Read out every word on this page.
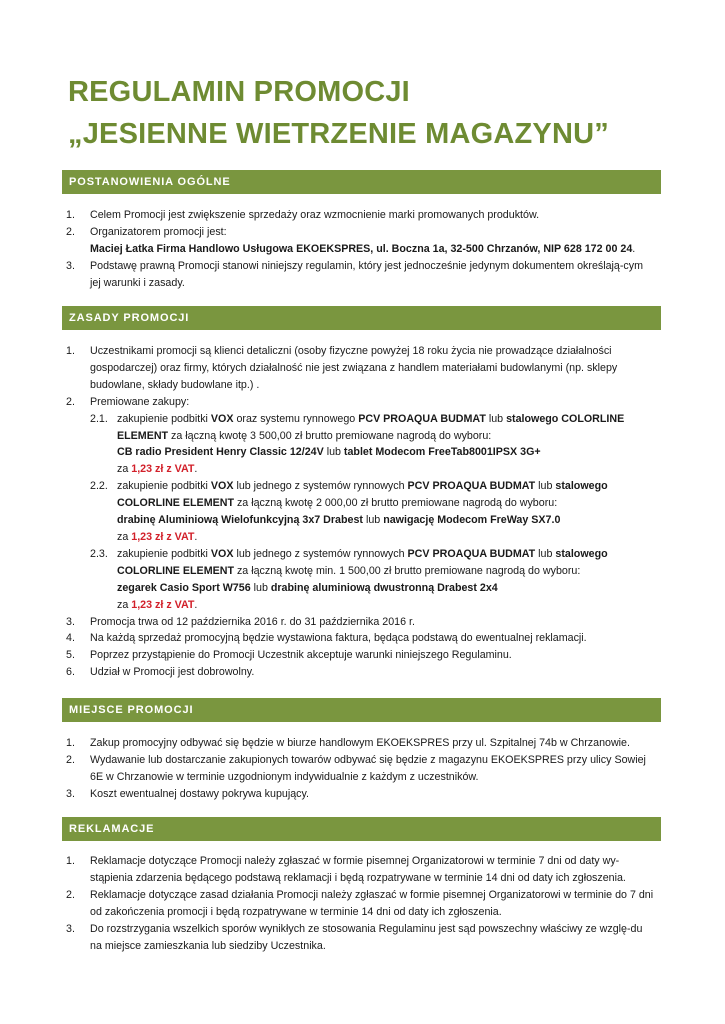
REGULAMIN PROMOCJI
„JESIENNE WIETRZENIE MAGAZYNU”
POSTANOWIENIA OGÓLNE
1.	Celem Promocji jest zwiększenie sprzedaży oraz wzmocnienie marki promowanych produktów.
2.	Organizatorem promocji jest:

Maciej Łatka Firma Handlowo Usługowa EKOEKSPRES, ul. Boczna 1a, 32-500 Chrzanów, NIP 628 172 00 24.

3.	Podstawę prawną Promocji stanowi niniejszy regulamin, który jest jednocześnie jedynym dokumentem określają-cym jej warunki i zasady.
ZASADY PROMOCJI
1.	Uczestnikami promocji są klienci detaliczni (osoby fizyczne powyżej 18 roku życia nie prowadzące działalności gospodarczej) oraz firmy, których działalność nie jest związana z handlem materiałami budowlanymi (np. sklepy budowlane, składy budowlane itp.) .
2.	Premiowane zakupy:
2.1. zakupienie podbitki VOX oraz systemu rynnowego PCV PROAQUA BUDMAT lub stalowego COLORLINE ELEMENT za łączną kwotę 3 500,00 zł brutto premiowane nagrodą do wyboru:

CB radio President Henry Classic 12/24V lub tablet Modecom FreeTab8001IPSX 3G+

za 1,23 zł z VAT.

2.2. zakupienie podbitki VOX lub jednego z systemów rynnowych PCV PROAQUA BUDMAT lub stalowego COLORLINE ELEMENT za łączną kwotę 2 000,00 zł brutto premiowane nagrodą do wyboru:

drabinę Aluminiową Wielofunkcyjną 3x7 Drabest lub nawigację Modecom FreWay SX7.0

za 1,23 zł z VAT.

2.3. zakupienie podbitki VOX lub jednego z systemów rynnowych PCV PROAQUA BUDMAT lub stalowego COLORLINE ELEMENT za łączną kwotę min. 1 500,00 zł brutto premiowane nagrodą do wyboru:

zegarek Casio Sport W756 lub drabinę aluminiową dwustronną Drabest 2x4

za 1,23 zł z VAT.

3.	Promocja trwa od 12 października 2016 r. do 31 października 2016 r.
4.	Na każdą sprzedaż promocyjną będzie wystawiona faktura, będąca podstawą do ewentualnej reklamacji.
5.	Poprzez przystąpienie do Promocji Uczestnik akceptuje warunki niniejszego Regulaminu.
6.	Udział w Promocji jest dobrowolny.
MIEJSCE PROMOCJI
1.	Zakup promocyjny odbywać się będzie w biurze handlowym EKOEKSPRES przy ul. Szpitalnej 74b w Chrzanowie.
2.	Wydawanie lub dostarczanie zakupionych towarów odbywać się będzie z magazynu EKOEKSPRES przy ulicy Sowiej 6E w Chrzanowie w terminie uzgodnionym indywidualnie z każdym z uczestników.
3.	Koszt ewentualnej dostawy pokrywa kupujący.
REKLAMACJE
1.	Reklamacje dotyczące Promocji należy zgłaszać w formie pisemnej Organizatorowi w terminie 7 dni od daty wy-stąpienia zdarzenia będącego podstawą reklamacji i będą rozpatrywane w terminie 14 dni od daty ich zgłoszenia.
2.	Reklamacje dotyczące zasad działania Promocji należy zgłaszać w formie pisemnej Organizatorowi w terminie do 7 dni od zakończenia promocji i będą rozpatrywane w terminie 14 dni od daty ich zgłoszenia.
3.	Do rozstrzygania wszelkich sporów wynikłych ze stosowania Regulaminu jest sąd powszechny właściwy ze wzglę-du na miejsce zamieszkania lub siedziby Uczestnika.
